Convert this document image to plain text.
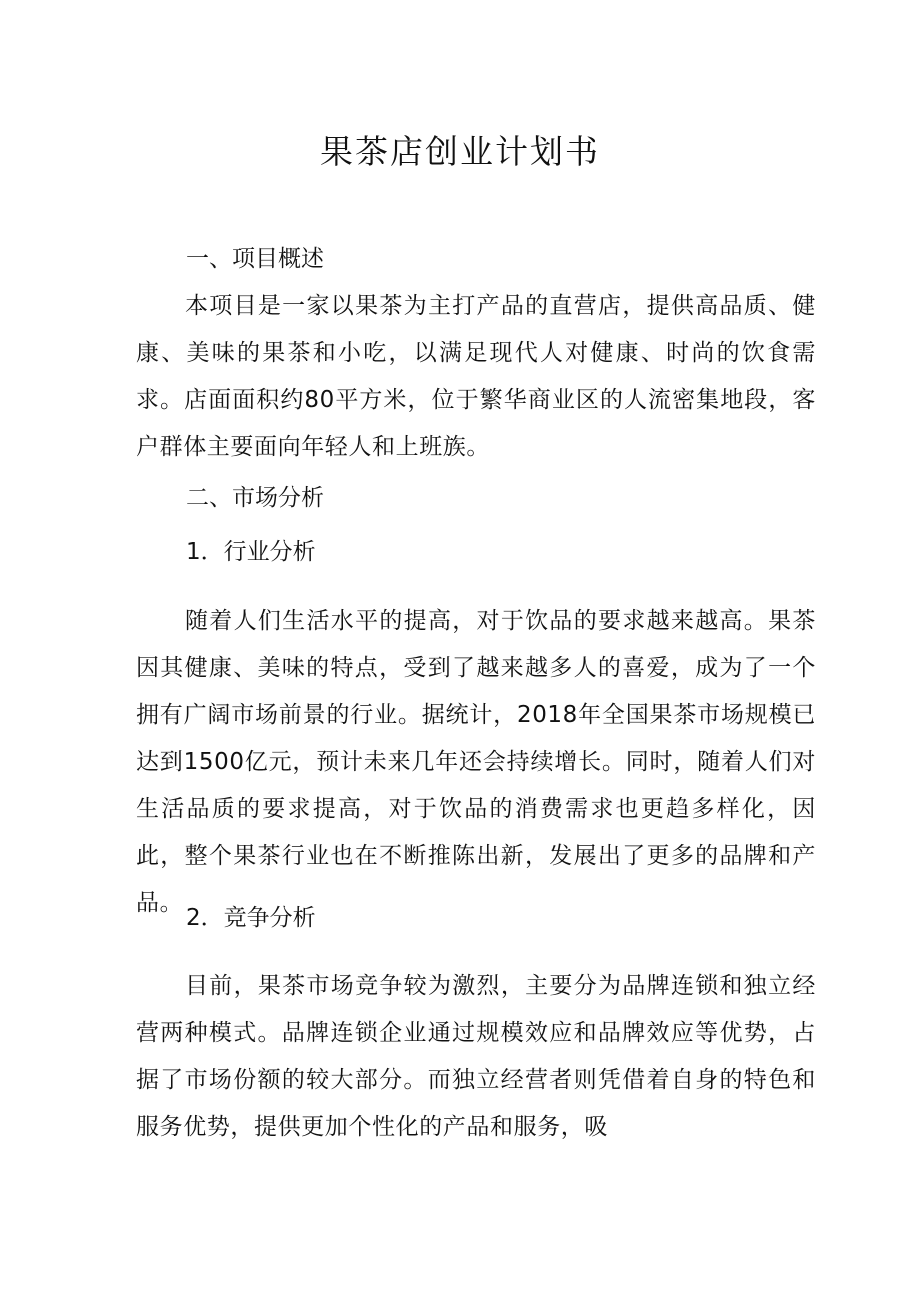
果茶店创业计划书
一、项目概述

本项目是一家以果茶为主打产品的直营店，提供高品质、健康、美味的果茶和小吃，以满足现代人对健康、时尚的饮食需求。店面面积约80平方米，位于繁华商业区的人流密集地段，客户群体主要面向年轻人和上班族。

二、市场分析
1．行业分析

随着人们生活水平的提高，对于饮品的要求越来越高。果茶因其健康、美味的特点，受到了越来越多人的喜爱，成为了一个拥有广阔市场前景的行业。据统计，2018年全国果茶市场规模已达到1500亿元，预计未来几年还会持续增长。同时，随着人们对生活品质的要求提高，对于饮品的消费需求也更趋多样化，因此，整个果茶行业也在不断推陈出新，发展出了更多的品牌和产品。

2．竞争分析

目前，果茶市场竞争较为激烈，主要分为品牌连锁和独立经营两种模式。品牌连锁企业通过规模效应和品牌效应等优势，占据了市场份额的较大部分。而独立经营者则凭借着自身的特色和服务优势，提供更加个性化的产品和服务，吸
